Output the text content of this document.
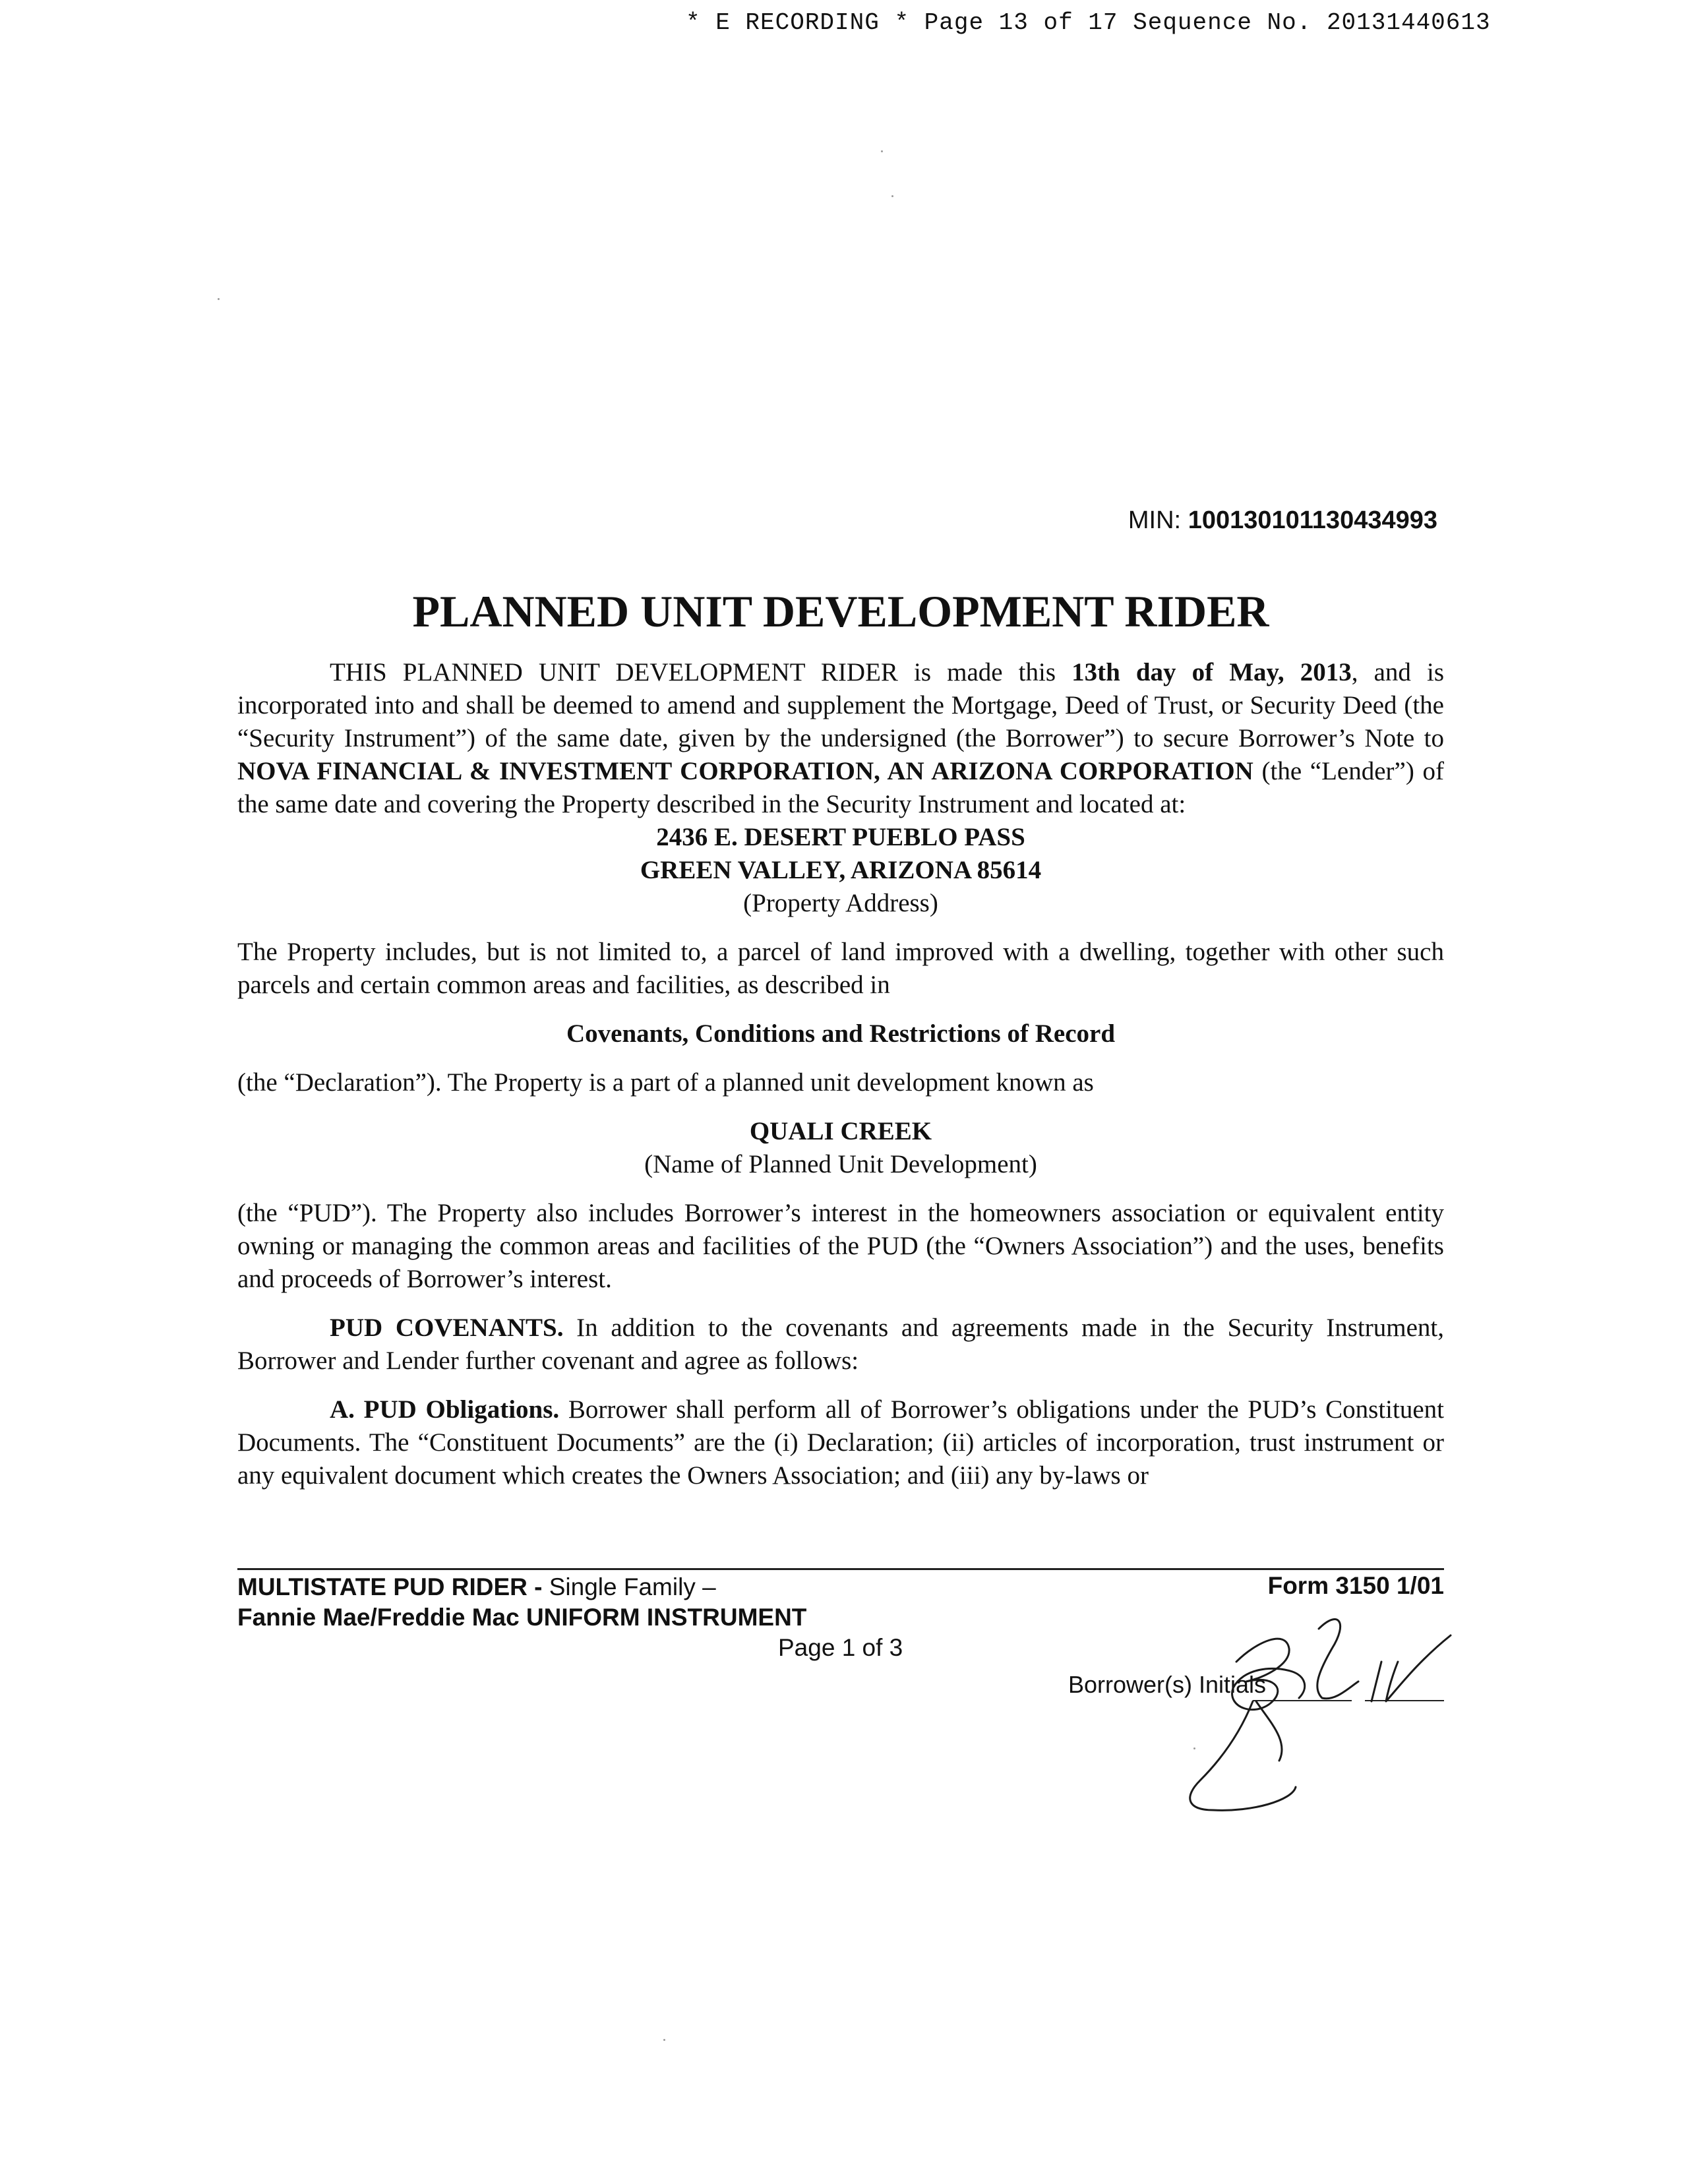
* E RECORDING * Page 13 of 17 Sequence No. 20131440613
MIN: 100130101130434993
PLANNED UNIT DEVELOPMENT RIDER

THIS PLANNED UNIT DEVELOPMENT RIDER is made this 13th day of May, 2013, and is incorporated into and shall be deemed to amend and supplement the Mortgage, Deed of Trust, or Security Deed (the “Security Instrument”) of the same date, given by the undersigned (the Borrower”) to secure Borrower’s Note to NOVA FINANCIAL & INVESTMENT CORPORATION, AN ARIZONA CORPORATION (the “Lender”) of the same date and covering the Property described in the Security Instrument and located at:

2436 E. DESERT PUEBLO PASS

GREEN VALLEY, ARIZONA 85614

(Property Address)

The Property includes, but is not limited to, a parcel of land improved with a dwelling, together with other such parcels and certain common areas and facilities, as described in

Covenants, Conditions and Restrictions of Record

(the “Declaration”). The Property is a part of a planned unit development known as

QUALI CREEK

(Name of Planned Unit Development)

(the “PUD”). The Property also includes Borrower’s interest in the homeowners association or equivalent entity owning or managing the common areas and facilities of the PUD (the “Owners Association”) and the uses, benefits and proceeds of Borrower’s interest.

PUD COVENANTS. In addition to the covenants and agreements made in the Security Instrument, Borrower and Lender further covenant and agree as follows:

A. PUD Obligations. Borrower shall perform all of Borrower’s obligations under the PUD’s Constituent Documents. The “Constituent Documents” are the (i) Declaration; (ii) articles of incorporation, trust instrument or any equivalent document which creates the Owners Association; and (iii) any by-laws or

MULTISTATE PUD RIDER - Single Family –
Fannie Mae/Freddie Mac UNIFORM INSTRUMENT
Form 3150 1/01
Page 1 of 3
Borrower(s) Initials
